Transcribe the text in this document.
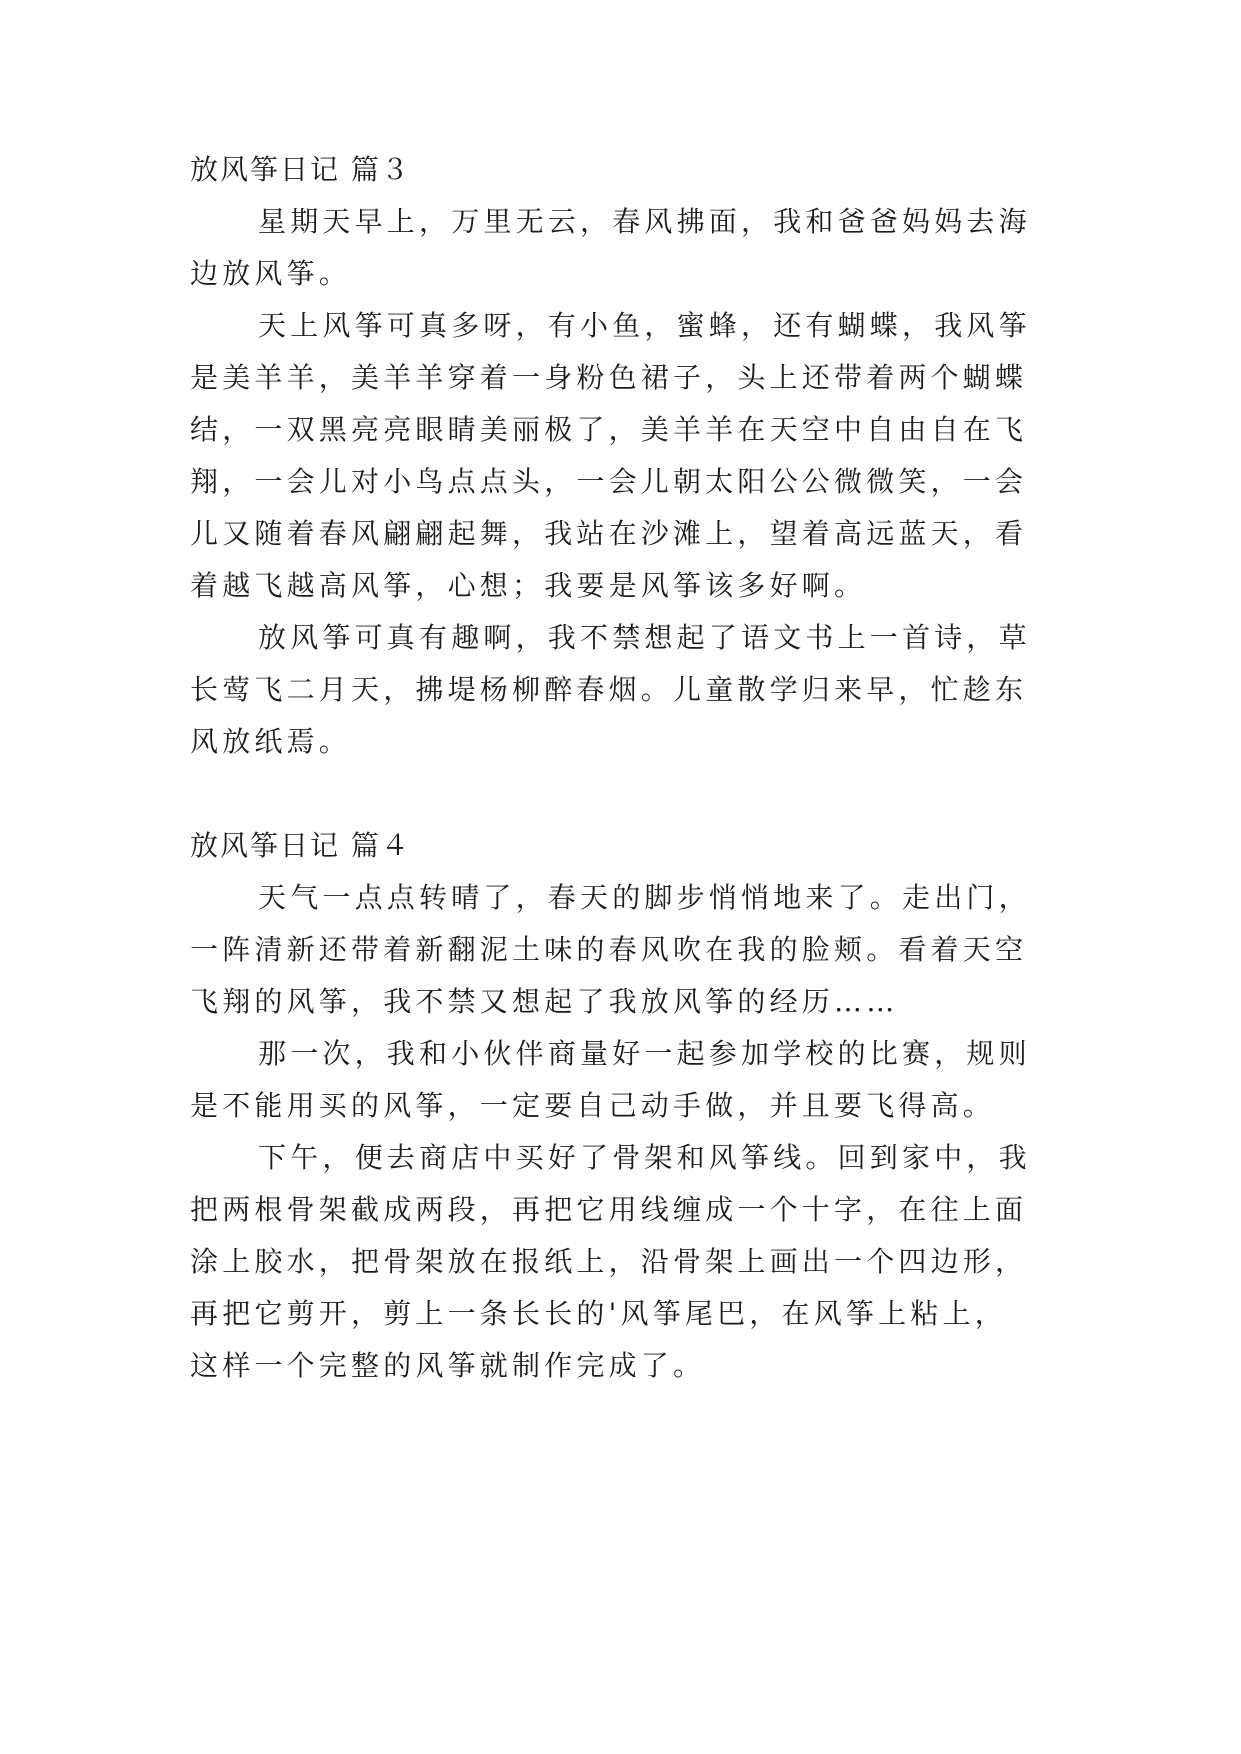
放风筝日记 篇３
星期天早上，万里无云，春风拂面，我和爸爸妈妈去海
边放风筝。
天上风筝可真多呀，有小鱼，蜜蜂，还有蝴蝶，我风筝
是美羊羊，美羊羊穿着一身粉色裙子，头上还带着两个蝴蝶
结，一双黑亮亮眼睛美丽极了，美羊羊在天空中自由自在飞
翔，一会儿对小鸟点点头，一会儿朝太阳公公微微笑，一会
儿又随着春风翩翩起舞，我站在沙滩上，望着高远蓝天，看
着越飞越高风筝，心想；我要是风筝该多好啊。
放风筝可真有趣啊，我不禁想起了语文书上一首诗，草
长莺飞二月天，拂堤杨柳醉春烟。儿童散学归来早，忙趁东
风放纸焉。
放风筝日记 篇４
天气一点点转晴了，春天的脚步悄悄地来了。走出门，
一阵清新还带着新翻泥土味的春风吹在我的脸颊。看着天空
飞翔的风筝，我不禁又想起了我放风筝的经历……
那一次，我和小伙伴商量好一起参加学校的比赛，规则
是不能用买的风筝，一定要自己动手做，并且要飞得高。
下午，便去商店中买好了骨架和风筝线。回到家中，我
把两根骨架截成两段，再把它用线缠成一个十字，在往上面
涂上胶水，把骨架放在报纸上，沿骨架上画出一个四边形，
再把它剪开，剪上一条长长的'风筝尾巴，在风筝上粘上，
这样一个完整的风筝就制作完成了。
